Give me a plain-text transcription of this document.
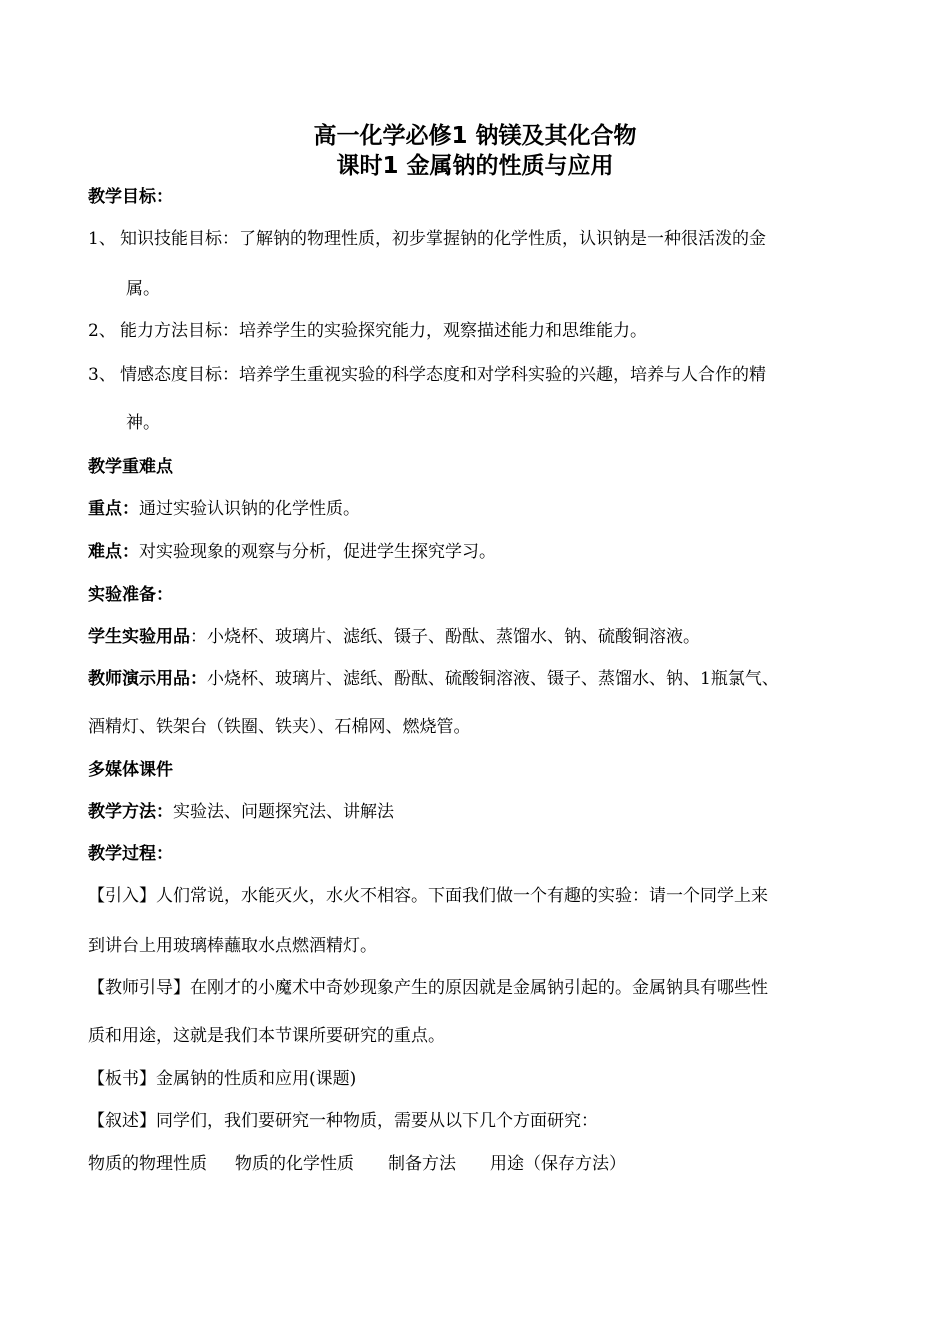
高一化学必修1 钠镁及其化合物
课时1 金属钠的性质与应用
教学目标：
1、 知识技能目标：了解钠的物理性质，初步掌握钠的化学性质，认识钠是一种很活泼的金
属。
2、 能力方法目标：培养学生的实验探究能力，观察描述能力和思维能力。
3、 情感态度目标：培养学生重视实验的科学态度和对学科实验的兴趣，培养与人合作的精
神。
教学重难点
重点：通过实验认识钠的化学性质。
难点：对实验现象的观察与分析，促进学生探究学习。
实验准备：
学生实验用品：小烧杯、玻璃片、滤纸、镊子、酚酞、蒸馏水、钠、硫酸铜溶液。
教师演示用品：小烧杯、玻璃片、滤纸、酚酞、硫酸铜溶液、镊子、蒸馏水、钠、1瓶氯气、
酒精灯、铁架台（铁圈、铁夹）、石棉网、燃烧管。
多媒体课件
教学方法：实验法、问题探究法、讲解法
教学过程：
【引入】人们常说，水能灭火，水火不相容。下面我们做一个有趣的实验：请一个同学上来
到讲台上用玻璃棒蘸取水点燃酒精灯。
【教师引导】在刚才的小魔术中奇妙现象产生的原因就是金属钠引起的。金属钠具有哪些性
质和用途，这就是我们本节课所要研究的重点。
【板书】金属钠的性质和应用(课题)
【叙述】同学们，我们要研究一种物质，需要从以下几个方面研究：
物质的物理性质 物质的化学性质 制备方法 用途（保存方法）
